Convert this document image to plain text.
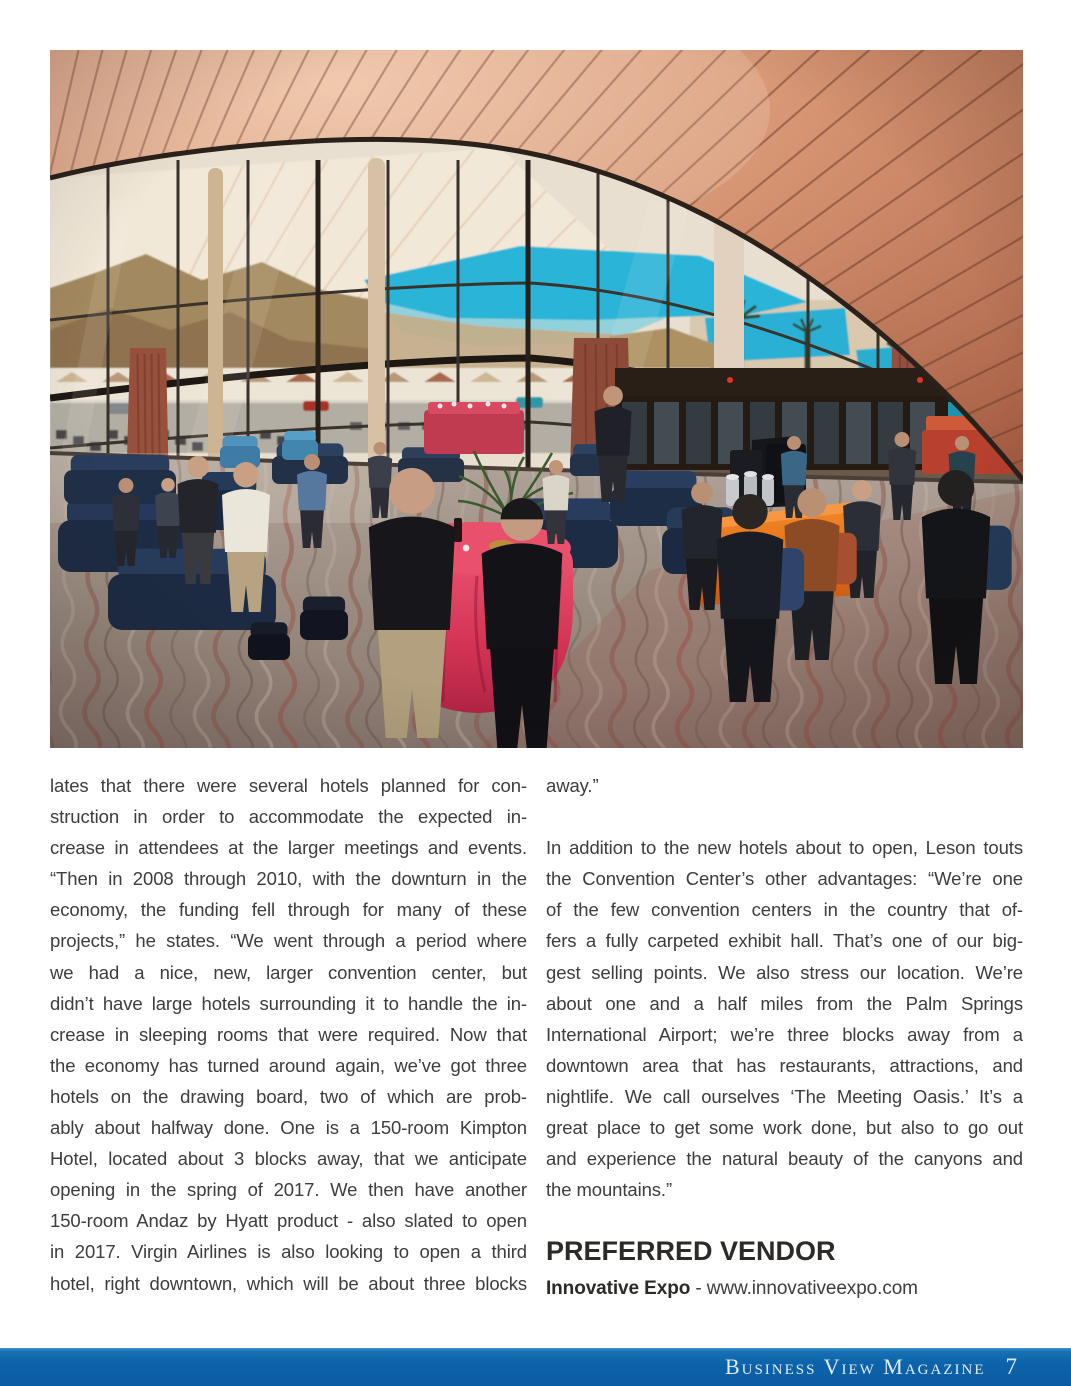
lates that there were several hotels planned for con-
struction in order to accommodate the expected in-
crease in attendees at the larger meetings and events.
“Then in 2008 through 2010, with the downturn in the
economy, the funding fell through for many of these
projects,” he states. “We went through a period where
we had a nice, new, larger convention center, but
didn’t have large hotels surrounding it to handle the in-
crease in sleeping rooms that were required. Now that
the economy has turned around again, we’ve got three
hotels on the drawing board, two of which are prob-
ably about halfway done. One is a 150-room Kimpton
Hotel, located about 3 blocks away, that we anticipate
opening in the spring of 2017. We then have another
150-room Andaz by Hyatt product - also slated to open
in 2017. Virgin Airlines is also looking to open a third
hotel, right downtown, which will be about three blocks
away.”
In addition to the new hotels about to open, Leson touts
the Convention Center’s other advantages: “We’re one
of the few convention centers in the country that of-
fers a fully carpeted exhibit hall. That’s one of our big-
gest selling points. We also stress our location. We’re
about one and a half miles from the Palm Springs
International Airport; we’re three blocks away from a
downtown area that has restaurants, attractions, and
nightlife. We call ourselves ‘The Meeting Oasis.’ It’s a
great place to get some work done, but also to go out
and experience the natural beauty of the canyons and
the mountains.”
PREFERRED VENDOR

Innovative Expo - www.innovativeexpo.com

Business View Magazine 7
